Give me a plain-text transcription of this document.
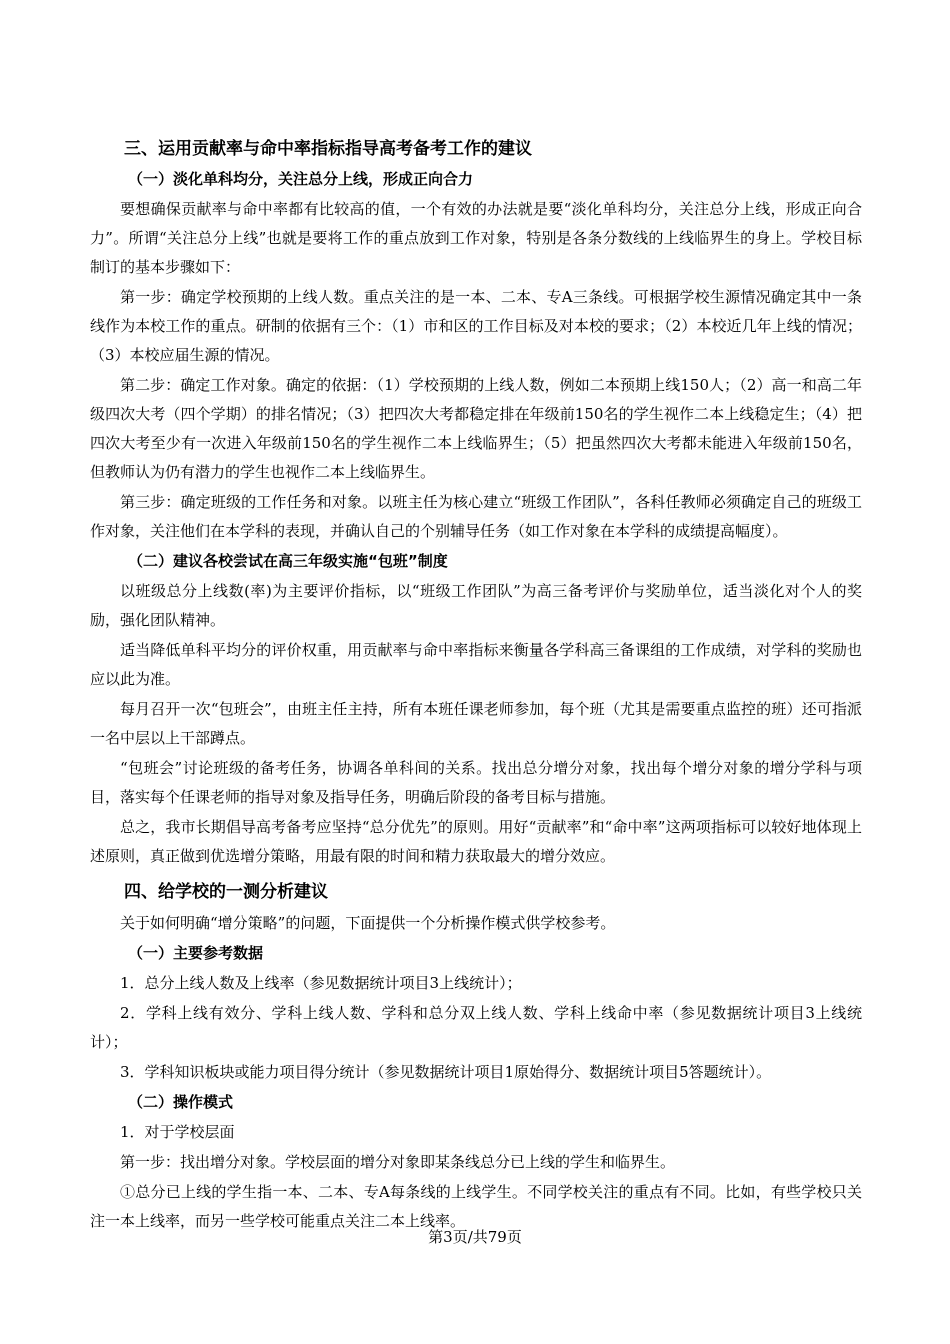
三、运用贡献率与命中率指标指导高考备考工作的建议
（一）淡化单科均分，关注总分上线，形成正向合力
要想确保贡献率与命中率都有比较高的值，一个有效的办法就是要“淡化单科均分，关注总分上线，形成正向合力”。所谓“关注总分上线”也就是要将工作的重点放到工作对象，特别是各条分数线的上线临界生的身上。学校目标制订的基本步骤如下：
第一步：确定学校预期的上线人数。重点关注的是一本、二本、专A三条线。可根据学校生源情况确定其中一条线作为本校工作的重点。研制的依据有三个：（1）市和区的工作目标及对本校的要求；（2）本校近几年上线的情况；（3）本校应届生源的情况。
第二步：确定工作对象。确定的依据：（1）学校预期的上线人数，例如二本预期上线150人；（2）高一和高二年级四次大考（四个学期）的排名情况；（3）把四次大考都稳定排在年级前150名的学生视作二本上线稳定生；（4）把四次大考至少有一次进入年级前150名的学生视作二本上线临界生；（5）把虽然四次大考都未能进入年级前150名，但教师认为仍有潜力的学生也视作二本上线临界生。
第三步：确定班级的工作任务和对象。以班主任为核心建立“班级工作团队”，各科任教师必须确定自己的班级工作对象，关注他们在本学科的表现，并确认自己的个别辅导任务（如工作对象在本学科的成绩提高幅度）。
（二）建议各校尝试在高三年级实施“包班”制度
以班级总分上线数(率)为主要评价指标，以“班级工作团队”为高三备考评价与奖励单位，适当淡化对个人的奖励，强化团队精神。
适当降低单科平均分的评价权重，用贡献率与命中率指标来衡量各学科高三备课组的工作成绩，对学科的奖励也应以此为准。
每月召开一次“包班会”，由班主任主持，所有本班任课老师参加，每个班（尤其是需要重点监控的班）还可指派一名中层以上干部蹲点。
“包班会”讨论班级的备考任务，协调各单科间的关系。找出总分增分对象，找出每个增分对象的增分学科与项目，落实每个任课老师的指导对象及指导任务，明确后阶段的备考目标与措施。
总之，我市长期倡导高考备考应坚持“总分优先”的原则。用好“贡献率”和“命中率”这两项指标可以较好地体现上述原则，真正做到优选增分策略，用最有限的时间和精力获取最大的增分效应。
四、给学校的一测分析建议
关于如何明确“增分策略”的问题，下面提供一个分析操作模式供学校参考。
（一）主要参考数据
1．总分上线人数及上线率（参见数据统计项目3上线统计）；
2．学科上线有效分、学科上线人数、学科和总分双上线人数、学科上线命中率（参见数据统计项目3上线统计）；
3．学科知识板块或能力项目得分统计（参见数据统计项目1原始得分、数据统计项目5答题统计）。
（二）操作模式
1．对于学校层面
第一步：找出增分对象。学校层面的增分对象即某条线总分已上线的学生和临界生。
①总分已上线的学生指一本、二本、专A每条线的上线学生。不同学校关注的重点有不同。比如，有些学校只关注一本上线率，而另一些学校可能重点关注二本上线率。
第3页/共79页
